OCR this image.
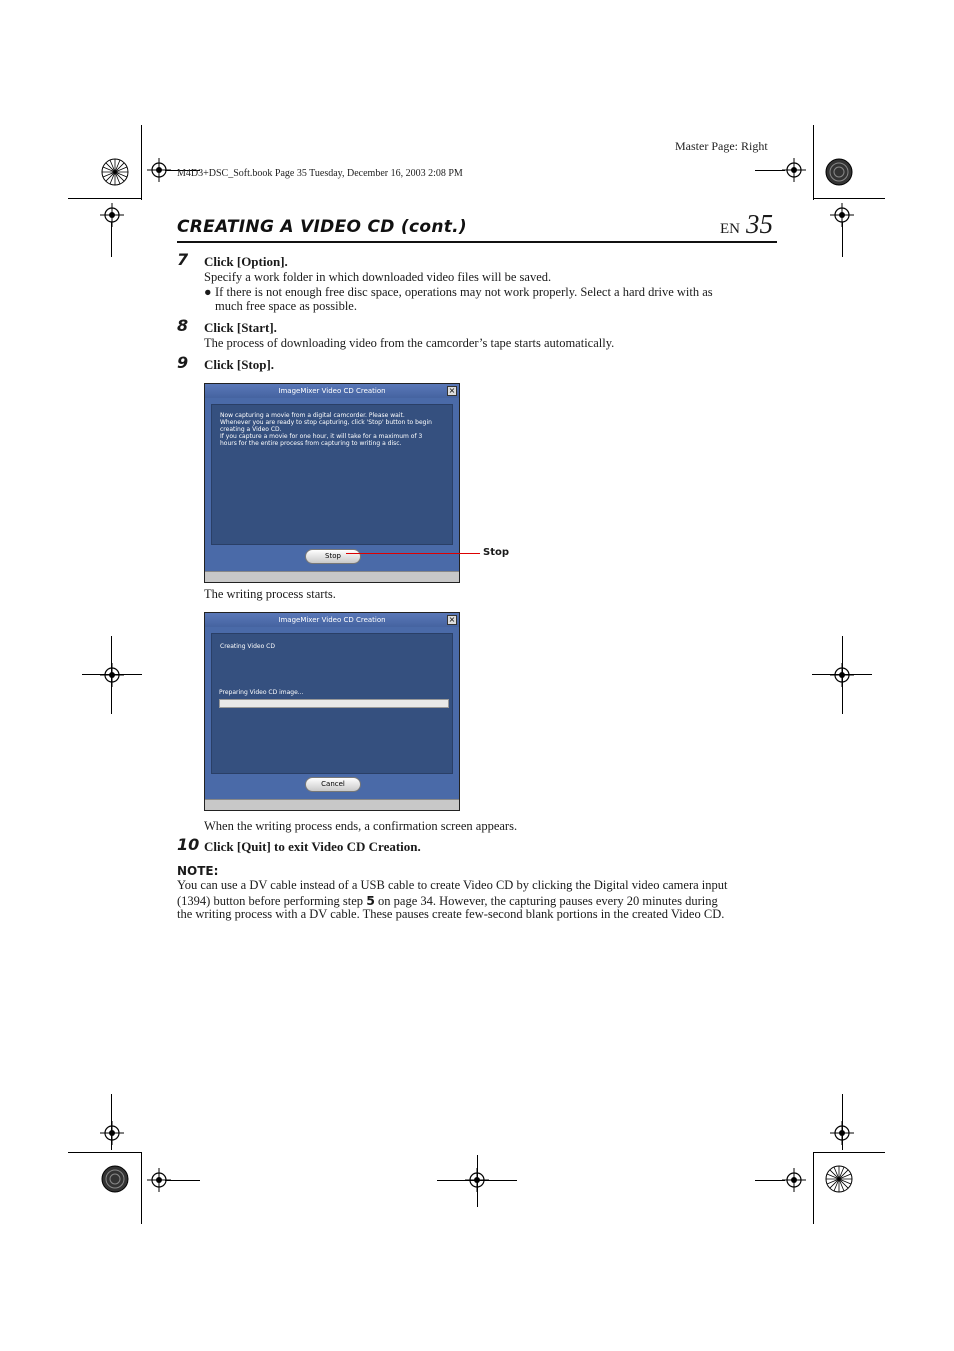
Master Page: Right
M4D3+DSC_Soft.book Page 35 Tuesday, December 16, 2003 2:08 PM
CREATING A VIDEO CD (cont.)	EN 35
7 Click [Option].
Specify a work folder in which downloaded video files will be saved.
● If there is not enough free disc space, operations may not work properly. Select a hard drive with as
much free space as possible.
8 Click [Start].
The process of downloading video from the camcorder’s tape starts automatically.
9 Click [Stop].
ImageMixer Video CD Creation	×
Now capturing a movie from a digital camcorder. Please wait.
Whenever you are ready to stop capturing, click 'Stop' button to begin
creating a Video CD.
If you capture a movie for one hour, it will take for a maximum of 3
hours for the entire process from capturing to writing a disc.
Stop	Stop
The writing process starts.
ImageMixer Video CD Creation	×
Creating Video CD
Preparing Video CD image...
Cancel
When the writing process ends, a confirmation screen appears.
10 Click [Quit] to exit Video CD Creation.
NOTE:
You can use a DV cable instead of a USB cable to create Video CD by clicking the Digital video camera input
(1394) button before performing step 5 on page 34. However, the capturing pauses every 20 minutes during
the writing process with a DV cable. These pauses create few-second blank portions in the created Video CD.
